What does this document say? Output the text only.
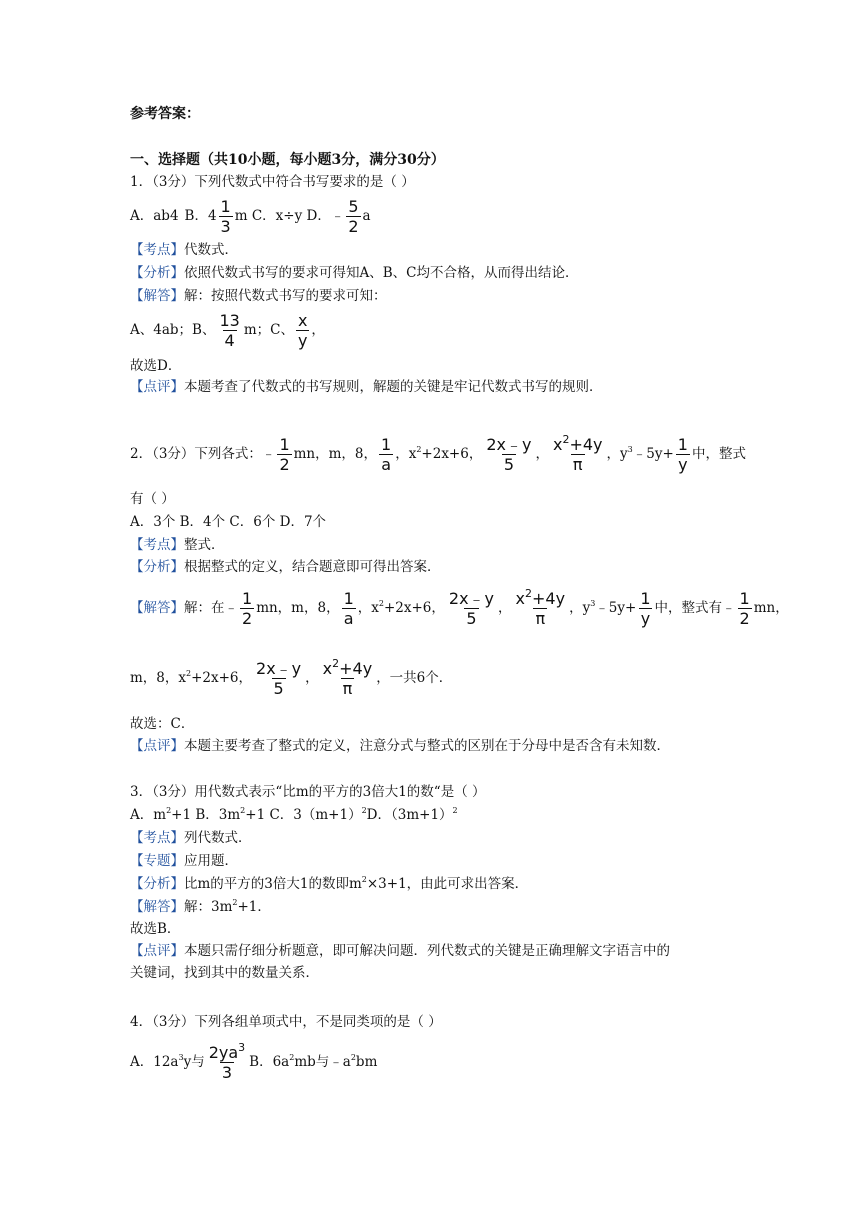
参考答案：
一、选择题（共10小题，每小题3分，满分30分）
1．（3分）下列代数式中符合书写要求的是（ ）
A．ab4 B．$4 \frac{1}{3}$ m C．x÷y D．﹣ $\frac{5}{2}$ a
【考点】代数式．
【分析】依照代数式书写的要求可得知A、B、C均不合格，从而得出结论．
【解答】解：按照代数式书写的要求可知：
A、4ab；B、 $\frac{13}{4}$ m；C、 $\frac{x}{y}$ ，
故选D．
【点评】本题考查了代数式的书写规则，解题的关键是牢记代数式书写的规则．
2．（3分）下列各式：﹣ $\frac{1}{2}$ mn，m，8， $\frac{1}{a}$ ，$x^2+2x+6$， $\frac{2x﹣y}{5}$ ， $\frac{x^2+4y}{\pi}$ ，$y^3﹣5y+ \frac{1}{y}$ 中，整式
有（ ）
A．3个 B．4个 C．6个 D．7个
【考点】整式．
【分析】根据整式的定义，结合题意即可得出答案．
【解答】解：在﹣ $\frac{1}{2}$ mn，m，8， $\frac{1}{a}$ ，$x^2+2x+6$， $\frac{2x﹣y}{5}$ ， $\frac{x^2+4y}{\pi}$ ，$y^3﹣5y+ \frac{1}{y}$ 中，整式有﹣ $\frac{1}{2}$ mn，
m，8，$x^2+2x+6$， $\frac{2x﹣y}{5}$ ， $\frac{x^2+4y}{\pi}$ ，一共6个．
故选：C．
【点评】本题主要考查了整式的定义，注意分式与整式的区别在于分母中是否含有未知数．
3．（3分）用代数式表示“比m的平方的3倍大1的数“是（ ）
A．$m^2+1$ B．$3m^2+1$ C．$3(m+1)^2D$．$(3m+1)^2$
【考点】列代数式．
【专题】应用题．
【分析】比m的平方的3倍大1的数即$m^2\times 3+1$，由此可求出答案．
【解答】解：$3m^2+1$．
故选B．
【点评】本题只需仔细分析题意，即可解决问题．列代数式的关键是正确理解文字语言中的
关键词，找到其中的数量关系．
4．（3分）下列各组单项式中，不是同类项的是（ ）
A．$12a^3y$与 $\frac{2ya^3}{3}$ B．$6a^2mb$与$﹣a^2bm$
